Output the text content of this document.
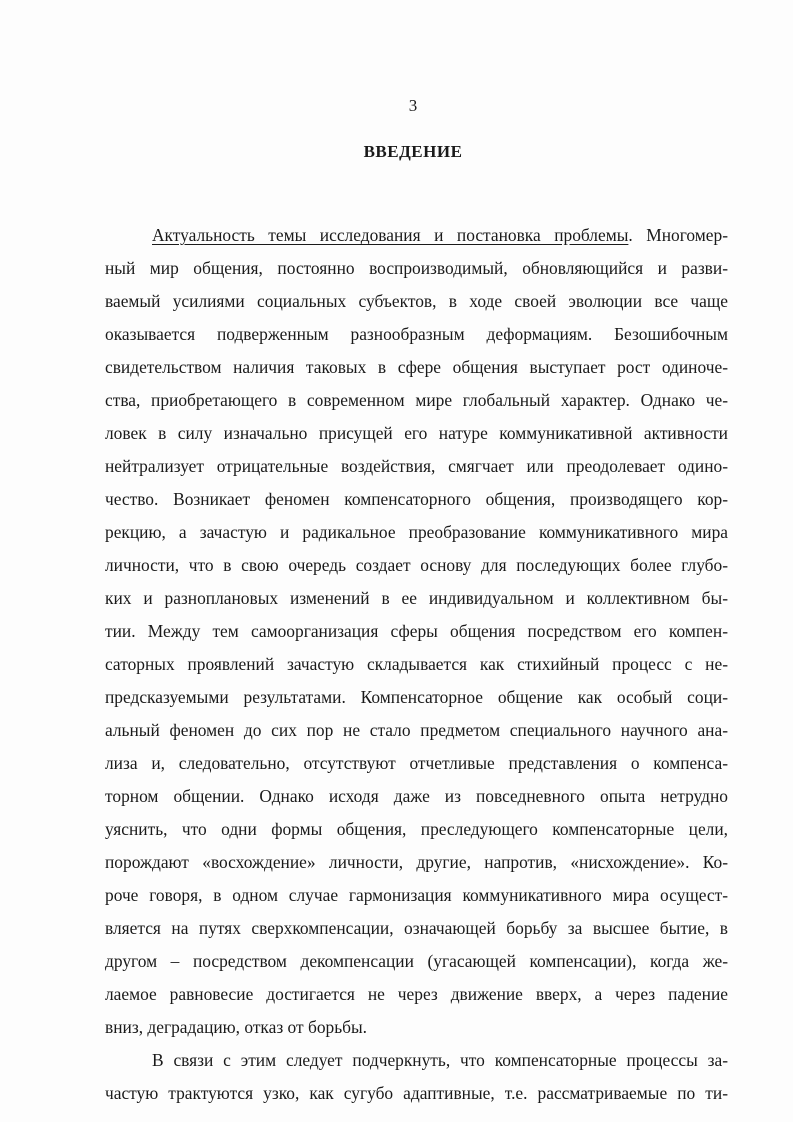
3
ВВЕДЕНИЕ
Актуальность темы исследования и постановка проблемы. Многомер-
ный мир общения, постоянно воспроизводимый, обновляющийся и разви-
ваемый усилиями социальных субъектов, в ходе своей эволюции все чаще
оказывается подверженным разнообразным деформациям. Безошибочным
свидетельством наличия таковых в сфере общения выступает рост одиноче-
ства, приобретающего в современном мире глобальный характер. Однако че-
ловек в силу изначально присущей его натуре коммуникативной активности
нейтрализует отрицательные воздействия, смягчает или преодолевает одино-
чество. Возникает феномен компенсаторного общения, производящего кор-
рекцию, а зачастую и радикальное преобразование коммуникативного мира
личности, что в свою очередь создает основу для последующих более глубо-
ких и разноплановых изменений в ее индивидуальном и коллективном бы-
тии. Между тем самоорганизация сферы общения посредством его компен-
саторных проявлений зачастую складывается как стихийный процесс с не-
предсказуемыми результатами. Компенсаторное общение как особый соци-
альный феномен до сих пор не стало предметом специального научного ана-
лиза и, следовательно, отсутствуют отчетливые представления о компенса-
торном общении. Однако исходя даже из повседневного опыта нетрудно
уяснить, что одни формы общения, преследующего компенсаторные цели,
порождают «восхождение» личности, другие, напротив, «нисхождение». Ко-
роче говоря, в одном случае гармонизация коммуникативного мира осущест-
вляется на путях сверхкомпенсации, означающей борьбу за высшее бытие, в
другом – посредством декомпенсации (угасающей компенсации), когда же-
лаемое равновесие достигается не через движение вверх, а через падение
вниз, деградацию, отказ от борьбы.
В связи с этим следует подчеркнуть, что компенсаторные процессы за-
частую трактуются узко, как сугубо адаптивные, т.е. рассматриваемые по ти-
